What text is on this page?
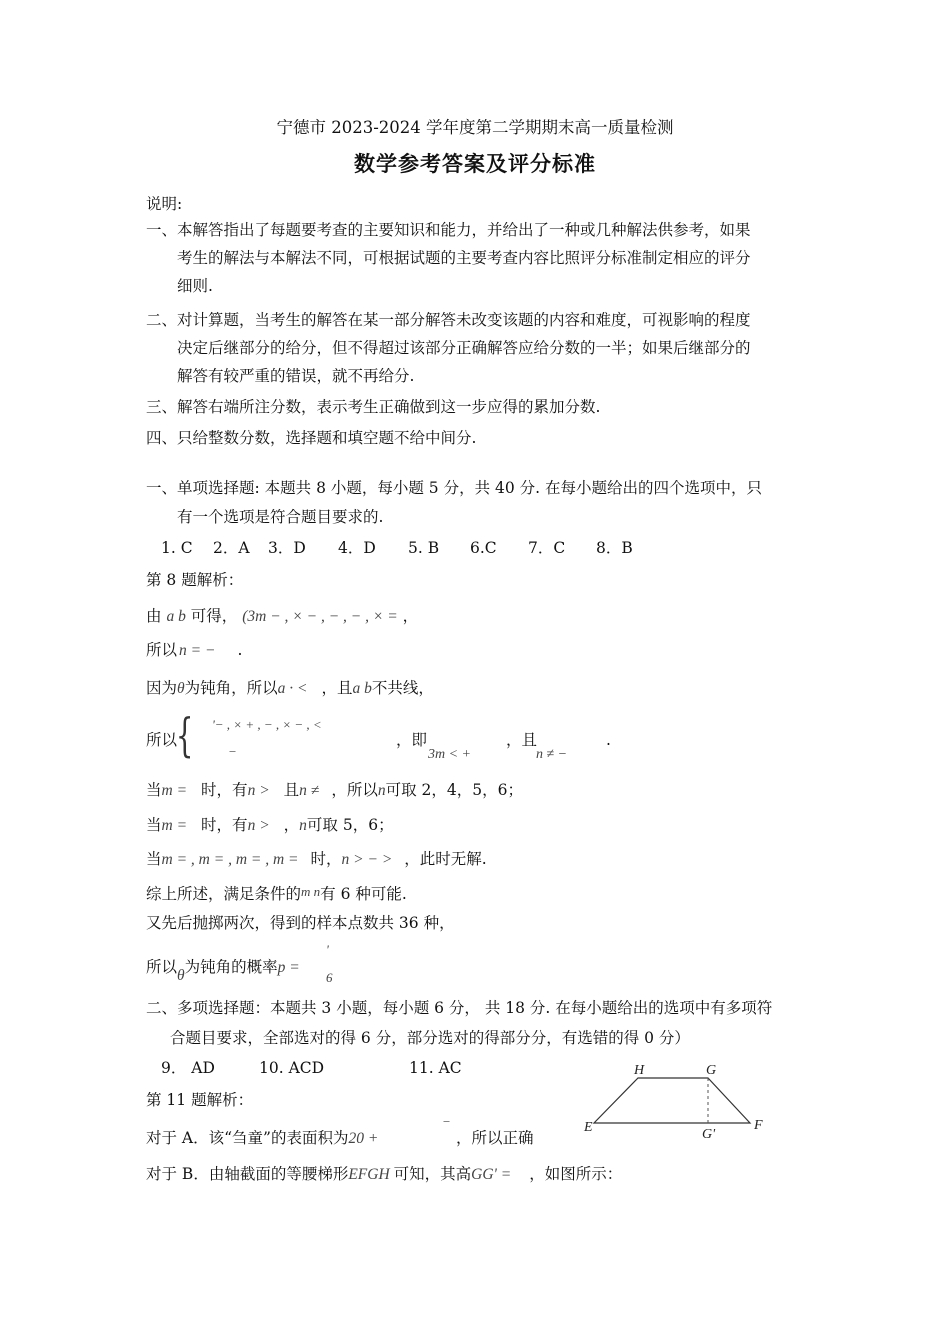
宁德市 2023-2024 学年度第二学期期末高一质量检测
数学参考答案及评分标准
说明:
一、本解答指出了每题要考查的主要知识和能力，并给出了一种或几种解法供参考，如果
考生的解法与本解法不同，可根据试题的主要考查内容比照评分标准制定相应的评分
细则.
二、对计算题，当考生的解答在某一部分解答未改变该题的内容和难度，可视影响的程度
决定后继部分的给分，但不得超过该部分正确解答应给分数的一半；如果后继部分的
解答有较严重的错误，就不再给分.
三、解答右端所注分数，表示考生正确做到这一步应得的累加分数.
四、只给整数分数，选择题和填空题不给中间分.
一、单项选择题: 本题共 8 小题，每小题 5 分，共 40 分. 在每小题给出的四个选项中，只
有一个选项是符合题目要求的.
1. C 2．A 3．D 4．D 5. B 6.C 7．C 8．B
第 8 题解析：
由 a b 可得， (3m − , × − , − , − , × = ，
所以 n = − .
因为θ为钝角，所以a · < ，且a b不共线，
所以
{ '− , × + , − , × − , <
−
，即
3m < +
，且
n ≠ −
.
当m = 时，有n > 且n ≠ ，所以n可取 2，4，5，6；
当m = 时，有n > ，n可取 5，6；
当m = , m = , m = , m = 时，n > − > ，此时无解.
综上所述，满足条件的m n有 6 种可能.
又先后抛掷两次，得到的样本点数共 36 种，
所以θ为钝角的概率p =
'
6
二、多项选择题：本题共 3 小题，每小题 6 分， 共 18 分. 在每小题给出的选项中有多项符
合题目要求，全部选对的得 6 分，部分选对的得部分分，有选错的得 0 分）
9． AD	10. ACD	11. AC
第 11 题解析：
对于 A．该“刍童”的表面积为20 +
−
，所以正确
对于 B．由轴截面的等腰梯形EFGH 可知，其高GG' = ，如图所示：
H	G
E	G'
F
